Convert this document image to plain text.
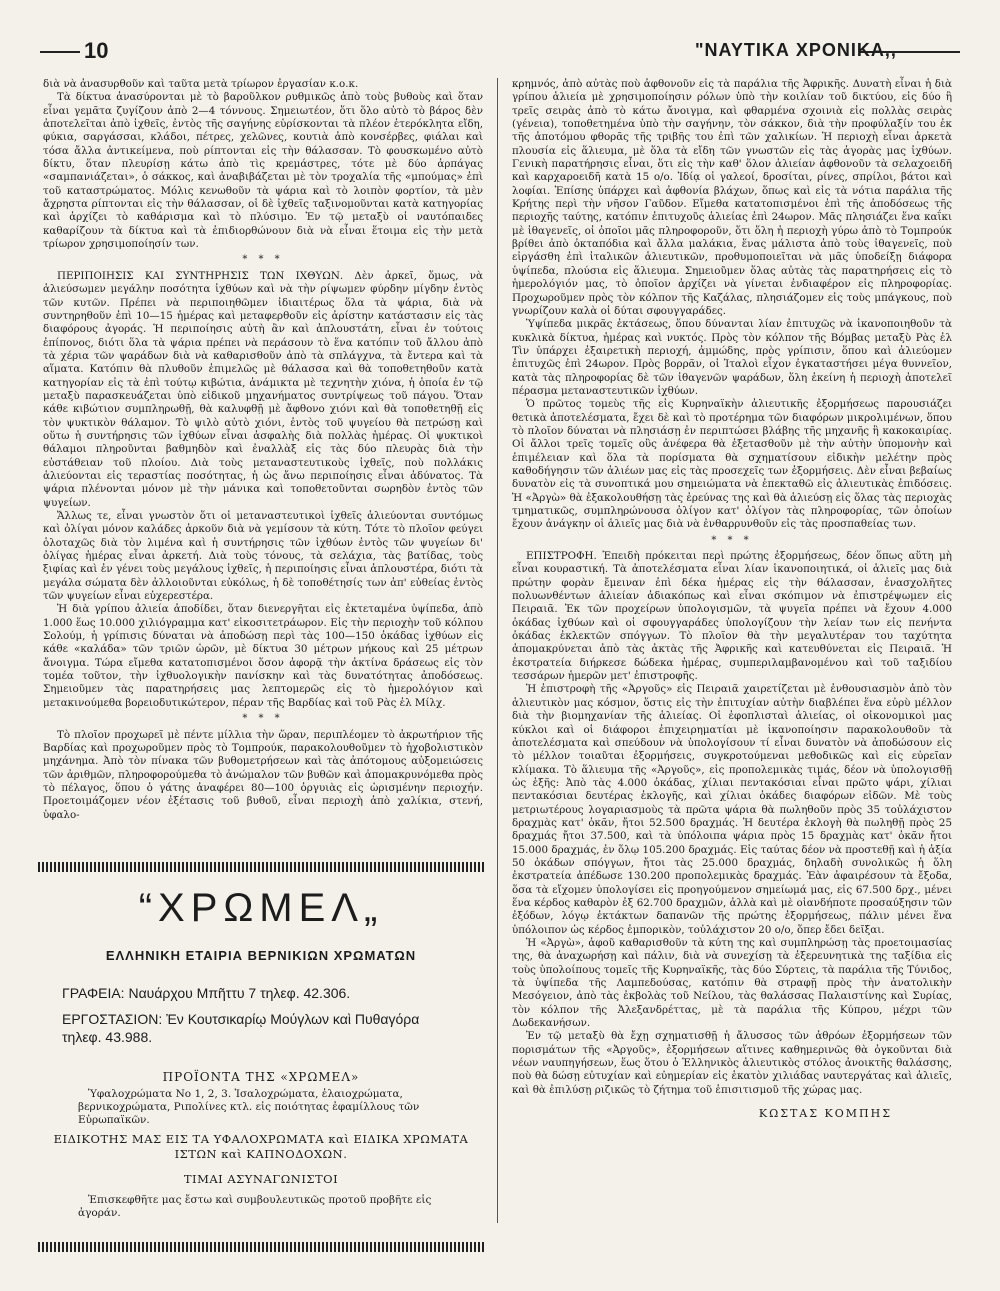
10	"ΝΑΥΤΙΚΑ ΧΡΟΝΙΚΑ,,

διὰ νὰ ἀνασυρθοῦν καὶ ταῦτα μετὰ τρίωρον ἐργασίαν κ.ο.κ.

Τὰ δίκτυα ἀνασύρονται μὲ τὸ βαροῦλκον ρυθμικῶς ἀπὸ τοὺς βυθοὺς καὶ ὅταν εἶναι γεμᾶτα ζυγίζουν ἀπὸ 2—4 τόννους. Σημειωτέον, ὅτι ὅλο αὐτὸ τὸ βάρος δὲν ἀποτελεῖται ἀπὸ ἰχθεῖς, ἐντὸς τῆς σαγήνης εὑρίσκονται τὰ πλέον ἑτερόκλητα εἴδη, φύκια, σαργάσσαι, κλάδοι, πέτρες, χελῶνες, κουτιὰ ἀπὸ κονσέρβες, φιάλαι καὶ τόσα ἄλλα ἀντικείμενα, ποὺ ρίπτονται εἰς τὴν θάλασσαν. Τὸ φουσκωμένο αὐτὸ δίκτυ, ὅταν πλευρίσῃ κάτω ἀπὸ τὶς κρεμάστρες, τότε μὲ δύο ἁρπάγας «σαμπανιάζεται», ὁ σάκκος, καὶ ἀναβιβάζεται μὲ τὸν τροχαλία τῆς «μπούμας» ἐπὶ τοῦ καταστρώματος. Μόλις κενωθοῦν τὰ ψάρια καὶ τὸ λοιπὸν φορτίον, τὰ μὲν ἄχρηστα ρίπτονται εἰς τὴν θάλασσαν, οἱ δὲ ἰχθεῖς ταξινομοῦνται κατὰ κατηγορίας καὶ ἀρχίζει τὸ καθάρισμα καὶ τὸ πλύσιμο. Ἐν τῷ μεταξὺ οἱ ναυτόπαιδες καθαρίζουν τὰ δίκτυα καὶ τὰ ἐπιδιορθώνουν διὰ νὰ εἶναι ἕτοιμα εἰς τὴν μετὰ τρίωρον χρησιμοποίησίν των.

* * *

ΠΕΡΙΠΟΙΗΣΙΣ ΚΑΙ ΣΥΝΤΗΡΗΣΙΣ ΤΩΝ ΙΧΘΥΩΝ. Δὲν ἀρκεῖ, ὅμως, νὰ ἁλιεύσωμεν μεγάλην ποσότητα ἰχθύων καὶ νὰ τὴν ρίψωμεν φύρδην μίγδην ἐντὸς τῶν κυτῶν. Πρέπει νὰ περιποιηθῶμεν ἰδιαιτέρως ὅλα τὰ ψάρια, διὰ νὰ συντηρηθοῦν ἐπὶ 10—15 ἡμέρας καὶ μεταφερθοῦν εἰς ἀρίστην κατάστασιν εἰς τὰς διαφόρους ἀγοράς. Ἡ περιποίησις αὐτὴ ἂν καὶ ἁπλουστάτη, εἶναι ἐν τούτοις ἐπίπονος, διότι ὅλα τὰ ψάρια πρέπει νὰ περάσουν τὸ ἕνα κατόπιν τοῦ ἄλλου ἀπὸ τὰ χέρια τῶν ψαράδων διὰ νὰ καθαρισθοῦν ἀπὸ τὰ σπλάγχνα, τὰ ἔντερα καὶ τὰ αἵματα. Κατόπιν θὰ πλυθοῦν ἐπιμελῶς μὲ θάλασσα καὶ θὰ τοποθετηθοῦν κατὰ κατηγορίαν εἰς τὰ ἐπὶ τούτῳ κιβώτια, ἀνάμικτα μὲ τεχνητὴν χιόνα, ἡ ὁποία ἐν τῷ μεταξὺ παρασκευάζεται ὑπὸ εἰδικοῦ μηχανήματος συντρίψεως τοῦ πάγου. Ὅταν κάθε κιβώτιον συμπληρωθῇ, θὰ καλυφθῇ μὲ ἄφθονο χιόνι καὶ θὰ τοποθετηθῇ εἰς τὸν ψυκτικὸν θάλαμον. Τὸ ψιλὸ αὐτὸ χιόνι, ἐντὸς τοῦ ψυγείου θὰ πετρώσῃ καὶ οὕτω ἡ συντήρησις τῶν ἰχθύων εἶναι ἀσφαλὴς διὰ πολλὰς ἡμέρας. Οἱ ψυκτικοὶ θάλαμοι πληροῦνται βαθμηδὸν καὶ ἐναλλὰξ εἰς τὰς δύο πλευρὰς διὰ τὴν εὐστάθειαν τοῦ πλοίου. Διὰ τοὺς μεταναστευτικοὺς ἰχθεῖς, ποὺ πολλάκις ἁλιεύονται εἰς τεραστίας ποσότητας, ἡ ὡς ἄνω περιποίησις εἶναι ἀδύνατος. Τὰ ψάρια πλένονται μόνον μὲ τὴν μάνικα καὶ τοποθετοῦνται σωρηδὸν ἐντὸς τῶν ψυγείων.

Ἄλλως τε, εἶναι γνωστὸν ὅτι οἱ μεταναστευτικοὶ ἰχθεῖς ἁλιεύονται συντόμως καὶ ὀλίγαι μόνον καλάδες ἀρκοῦν διὰ νὰ γεμίσουν τὰ κύτη. Τότε τὸ πλοῖον φεύγει ὁλοταχῶς διὰ τὸν λιμένα καὶ ἡ συντήρησις τῶν ἰχθύων ἐντὸς τῶν ψυγείων δι' ὀλίγας ἡμέρας εἶναι ἀρκετή. Διὰ τοὺς τόνους, τὰ σελάχια, τὰς βατίδας, τοὺς ξιφίας καὶ ἐν γένει τοὺς μεγάλους ἰχθεῖς, ἡ περιποίησις εἶναι ἁπλουστέρα, διότι τὰ μεγάλα σώματα δὲν ἀλλοιοῦνται εὐκόλως, ἡ δὲ τοποθέτησίς των ἀπ' εὐθείας ἐντὸς τῶν ψυγείων εἶναι εὐχερεστέρα.

Ἡ διὰ γρίπου ἁλιεία ἀποδίδει, ὅταν διενεργῆται εἰς ἐκτεταμένα ὑψίπεδα, ἀπὸ 1.000 ἕως 10.000 χιλιόγραμμα κατ' εἰκοσιτετράωρον. Εἰς τὴν περιοχὴν τοῦ κόλπου Σολούμ, ἡ γρίπισις δύναται νὰ ἀποδώσῃ περὶ τὰς 100—150 ὀκάδας ἰχθύων εἰς κάθε «καλάδα» τῶν τριῶν ὡρῶν, μὲ δίκτυα 30 μέτρων μήκους καὶ 25 μέτρων ἄνοιγμα. Τώρα εἴμεθα κατατοπισμένοι ὅσον ἀφορᾷ τὴν ἀκτίνα δράσεως εἰς τὸν τομέα τοῦτον, τὴν ἰχθυολογικὴν πανίσκην καὶ τὰς δυνατότητας ἀποδόσεως. Σημειοῦμεν τὰς παρατηρήσεις μας λεπτομερῶς εἰς τὸ ἡμερολόγιον καὶ μετακινούμεθα βορειοδυτικώτερον, πέραν τῆς Βαρδίας καὶ τοῦ Ρὰς ἐλ Μίλχ.

* * *

Τὸ πλοῖον προχωρεῖ μὲ πέντε μίλλια τὴν ὥραν, περιπλέομεν τὸ ἀκρωτήριον τῆς Βαρδίας καὶ προχωροῦμεν πρὸς τὸ Τομπρούκ, παρακολουθοῦμεν τὸ ἠχοβολιστικὸν μηχάνημα. Ἀπὸ τὸν πίνακα τῶν βυθομετρήσεων καὶ τὰς ἀπότομους αὐξομειώσεις τῶν ἀριθμῶν, πληροφορούμεθα τὸ ἀνώμαλον τῶν βυθῶν καὶ ἀπομακρυνόμεθα πρὸς τὸ πέλαγος, ὅπου ὁ γάτης ἀναφέρει 80—100 ὀργυιὰς εἰς ὡρισμένην περιοχήν. Προετοιμάζομεν νέον ἐξέτασις τοῦ βυθοῦ, εἶναι περιοχὴ ἀπὸ χαλίκια, στενή, ὑφαλο-

“ΧΡΩΜΕΛ„
ΕΛΛΗΝΙΚΗ ΕΤΑΙΡΙΑ ΒΕΡΝΙΚΙΩΝ ΧΡΩΜΑΤΩΝ
ΓΡΑΦΕΙΑ: Ναυάρχου Μπῆττυ 7 τηλεφ. 42.306.
ΕΡΓΟΣΤΑΣΙΟΝ: Ἐν Κουτσικαρίῳ Μούγλων καὶ Πυθαγόρα τηλεφ. 43.988.
ΠΡΟΪΟΝΤΑ ΤΗΣ «ΧΡΩΜΕΛ»
Ὑφαλοχρώματα Νο 1, 2, 3. Ἰσαλοχρώματα, ἐλαιοχρώματα, βερνικοχρώματα, Ριπολίνες κτλ. εἰς ποιότητας ἐφαμίλλους τῶν Εὐρωπαϊκῶν.
ΕΙΔΙΚΟΤΗΣ ΜΑΣ ΕΙΣ ΤΑ ΥΦΑΛΟΧΡΩΜΑΤΑ καὶ ΕΙΔΙΚΑ ΧΡΩΜΑΤΑ ΙΣΤΩΝ καὶ ΚΑΠΝΟΔΟΧΩΝ.
ΤΙΜΑΙ ΑΣΥΝΑΓΩΝΙΣΤΟΙ
Ἐπισκεφθῆτε μας ἔστω καὶ συμβουλευτικῶς προτοῦ προβῆτε εἰς ἀγοράν.

κρημνός, ἀπὸ αὐτὰς ποὺ ἀφθονοῦν εἰς τὰ παράλια τῆς Ἀφρικῆς. Δυνατὴ εἶναι ἡ διὰ γρίπου ἁλιεία μὲ χρησιμοποίησιν ρόλων ὑπὸ τὴν κοιλίαν τοῦ δικτύου, εἰς δύο ἢ τρεῖς σειρὰς ἀπὸ τὸ κάτω ἄνοιγμα, καὶ φθαρμένα σχοινιὰ εἰς πολλὰς σειρὰς (γένεια), τοποθετημένα ὑπὸ τὴν σαγήνην, τὸν σάκκον, διὰ τὴν προφύλαξίν του ἐκ τῆς ἀποτόμου φθορᾶς τῆς τριβῆς του ἐπὶ τῶν χαλικίων. Ἡ περιοχὴ εἶναι ἀρκετὰ πλουσία εἰς ἅλιευμα, μὲ ὅλα τὰ εἴδη τῶν γνωστῶν εἰς τὰς ἀγορὰς μας ἰχθύων. Γενικὴ παρατήρησις εἶναι, ὅτι εἰς τὴν καθ' ὅλον ἁλιείαν ἀφθονοῦν τὰ σελαχοειδῆ καὶ καρχαροειδῆ κατὰ 15 ο/ο. Ἰδίᾳ οἱ γαλεοί, δροσίται, ρίνες, σπρίλοι, βάτοι καὶ λοφίαι. Ἐπίσης ὑπάρχει καὶ ἀφθονία βλάχων, ὅπως καὶ εἰς τὰ νότια παράλια τῆς Κρήτης περὶ τὴν νῆσον Γαῦδον. Εἴμεθα κατατοπισμένοι ἐπὶ τῆς ἀποδόσεως τῆς περιοχῆς ταύτης, κατόπιν ἐπιτυχοῦς ἁλιείας ἐπὶ 24ωρον. Μᾶς πλησιάζει ἕνα καΐκι μὲ ἰθαγενεῖς, οἱ ὁποῖοι μᾶς πληροφοροῦν, ὅτι ὅλη ἡ περιοχὴ γύρω ἀπὸ τὸ Τομπρούκ βρίθει ἀπὸ ὀκταπόδια καὶ ἄλλα μαλάκια, ἕνας μάλιστα ἀπὸ τοὺς ἰθαγενεῖς, ποὺ εἰργάσθη ἐπὶ ἰταλικῶν ἁλιευτικῶν, προθυμοποιεῖται νὰ μᾶς ὑποδείξῃ διάφορα ὑψίπεδα, πλούσια εἰς ἅλιευμα. Σημειοῦμεν ὅλας αὐτὰς τὰς παρατηρήσεις εἰς τὸ ἡμερολόγιόν μας, τὸ ὁποῖον ἀρχίζει νὰ γίνεται ἐνδιαφέρον εἰς πληροφορίας. Προχωροῦμεν πρὸς τὸν κόλπον τῆς Καζάλας, πλησιάζομεν εἰς τοὺς μπάγκους, ποὺ γνωρίζουν καλὰ οἱ δύται σφουγγαράδες.

Ὑψίπεδα μικρᾶς ἐκτάσεως, ὅπου δύνανται λίαν ἐπιτυχῶς νὰ ἱκανοποιηθοῦν τὰ κυκλικὰ δίκτυα, ἡμέρας καὶ νυκτός. Πρὸς τὸν κόλπον τῆς Βόμβας μεταξὺ Ρὰς ἐλ Τὶν ὑπάρχει ἐξαιρετικὴ περιοχή, ἀμμώδης, πρὸς γρίπισιν, ὅπου καὶ ἁλιεύομεν ἐπιτυχῶς ἐπὶ 24ωρον. Πρὸς βορρᾶν, οἱ Ἰταλοὶ εἶχον ἐγκαταστήσει μέγα θυννεῖον, κατὰ τὰς πληροφορίας δὲ τῶν ἰθαγενῶν ψαράδων, ὅλη ἐκείνη ἡ περιοχὴ ἀποτελεῖ πέρασμα μεταναστευτικῶν ἰχθύων.

Ὁ πρῶτος τομεὺς τῆς εἰς Κυρηναϊκὴν ἁλιευτικῆς ἐξορμήσεως παρουσιάζει θετικὰ ἀποτελέσματα, ἔχει δὲ καὶ τὸ προτέρημα τῶν διαφόρων μικρολιμένων, ὅπου τὸ πλοῖον δύναται νὰ πλησιάσῃ ἐν περιπτώσει βλάβης τῆς μηχανῆς ἢ κακοκαιρίας. Οἱ ἄλλοι τρεῖς τομεῖς οὓς ἀνέφερα θὰ ἐξετασθοῦν μὲ τὴν αὐτὴν ὑπομονὴν καὶ ἐπιμέλειαν καὶ ὅλα τὰ πορίσματα θὰ σχηματίσουν εἰδικὴν μελέτην πρὸς καθοδήγησιν τῶν ἁλιέων μας εἰς τὰς προσεχεῖς των ἐξορμήσεις. Δὲν εἶναι βεβαίως δυνατὸν εἰς τὰ συνοπτικά μου σημειώματα νὰ ἐπεκταθῶ εἰς ἁλιευτικὰς ἐπιδόσεις. Ἡ «Ἀργὼ» θὰ ἐξακολουθήσῃ τὰς ἐρεύνας της καὶ θὰ ἁλιεύσῃ εἰς ὅλας τὰς περιοχὰς τμηματικῶς, συμπληρώνουσα ὀλίγον κατ' ὀλίγον τὰς πληροφορίας, τῶν ὁποίων ἔχουν ἀνάγκην οἱ ἁλιεῖς μας διὰ νὰ ἐνθαρρυνθοῦν εἰς τὰς προσπαθείας των.

* * *

ΕΠΙΣΤΡΟΦΗ. Ἐπειδὴ πρόκειται περὶ πρώτης ἐξορμήσεως, δέον ὅπως αὕτη μὴ εἶναι κουραστική. Τὰ ἀποτελέσματα εἶναι λίαν ἱκανοποιητικά, οἱ ἁλιεῖς μας διὰ πρώτην φορὰν ἔμειναν ἐπὶ δέκα ἡμέρας εἰς τὴν θάλασσαν, ἐνασχολῆτες πολυωνθέντων ἁλιείαν ἀδιακόπως καὶ εἶναι σκόπιμον νὰ ἐπιστρέψωμεν εἰς Πειραιᾶ. Ἐκ τῶν προχείρων ὑπολογισμῶν, τὰ ψυγεῖα πρέπει νὰ ἔχουν 4.000 ὀκάδας ἰχθύων καὶ οἱ σφουγγαράδες ὑπολογίζουν τὴν λείαν των εἰς πενήντα ὀκάδας ἐκλεκτῶν σπόγγων. Τὸ πλοῖον θὰ τὴν μεγαλυτέραν του ταχύτητα ἀπομακρύνεται ἀπὸ τὰς ἀκτὰς τῆς Ἀφρικῆς καὶ κατευθύνεται εἰς Πειραιᾶ. Ἡ ἐκστρατεία διήρκεσε δώδεκα ἡμέρας, συμπεριλαμβανομένου καὶ τοῦ ταξιδίου τεσσάρων ἡμερῶν μετ' ἐπιστροφῆς.

Ἡ ἐπιστροφὴ τῆς «Ἀργοῦς» εἰς Πειραιᾶ χαιρετίζεται μὲ ἐνθουσιασμὸν ἀπὸ τὸν ἁλιευτικὸν μας κόσμον, ὅστις εἰς τὴν ἐπιτυχίαν αὐτὴν διαβλέπει ἕνα εὐρὺ μέλλον διὰ τὴν βιομηχανίαν τῆς ἁλιείας. Οἱ ἐφοπλισταὶ ἁλιείας, οἱ οἰκονομικοὶ μας κύκλοι καὶ οἱ διάφοροι ἐπιχειρηματίαι μὲ ἱκανοποίησιν παρακολουθοῦν τὰ ἀποτελέσματα καὶ σπεύδουν νὰ ὑπολογίσουν τί εἶναι δυνατὸν νὰ ἀποδώσουν εἰς τὸ μέλλον τοιαῦται ἐξορμήσεις, συγκροτούμεναι μεθοδικῶς καὶ εἰς εὐρεῖαν κλίμακα. Τὸ ἅλιευμα τῆς «Ἀργοῦς», εἰς προπολεμικὰς τιμάς, δέον νὰ ὑπολογισθῇ ὡς ἑξῆς: Ἀπὸ τὰς 4.000 ὀκάδας, χίλιαι πεντακόσιαι εἶναι πρῶτο ψάρι, χίλιαι πεντακόσιαι δευτέρας ἐκλογῆς, καὶ χίλιαι ὀκάδες διαφόρων εἰδῶν. Μὲ τοὺς μετριωτέρους λογαριασμοὺς τὰ πρῶτα ψάρια θὰ πωληθοῦν πρὸς 35 τοὐλάχιστον δραχμὰς κατ' ὀκᾶν, ἤτοι 52.500 δραχμάς. Ἡ δευτέρα ἐκλογὴ θὰ πωληθῇ πρὸς 25 δραχμάς ἤτοι 37.500, καὶ τὰ ὑπόλοιπα ψάρια πρὸς 15 δραχμὰς κατ' ὀκᾶν ἤτοι 15.000 δραχμάς, ἐν ὅλῳ 105.200 δραχμάς. Εἰς ταύτας δέον νὰ προστεθῇ καὶ ἡ ἀξία 50 ὀκάδων σπόγγων, ἤτοι τὰς 25.000 δραχμάς, δηλαδὴ συνολικῶς ἡ ὅλη ἐκστρατεία ἀπέδωσε 130.200 προπολεμικὰς δραχμάς. Ἐὰν ἀφαιρέσουν τὰ ἔξοδα, ὅσα τὰ εἴχομεν ὑπολογίσει εἰς προηγούμενον σημείωμά μας, εἰς 67.500 δρχ., μένει ἕνα κέρδος καθαρὸν ἐξ 62.700 δραχμῶν, ἀλλὰ καὶ μὲ οἰανδήποτε προσαύξησιν τῶν ἐξόδων, λόγῳ ἐκτάκτων δαπανῶν τῆς πρώτης ἐξορμήσεως, πάλιν μένει ἕνα ὑπόλοιπον ὡς κέρδος ἐμπορικὸν, τοὐλάχιστον 20 ο/ο, ὅπερ ἔδει δεῖξαι.

Ἡ «Ἀργὼ», ἀφοῦ καθαρισθοῦν τὰ κύτη της καὶ συμπληρώσῃ τὰς προετοιμασίας της, θὰ ἀναχωρήσῃ καὶ πάλιν, διὰ νὰ συνεχίσῃ τὰ ἐξερευνητικὰ της ταξίδια εἰς τοὺς ὑπολοίπους τομεῖς τῆς Κυρηναϊκῆς, τὰς δύο Σύρτεις, τὰ παράλια τῆς Τύνιδος, τὰ ὑψίπεδα τῆς Λαμπεδούσας, κατόπιν θὰ στραφῇ πρὸς τὴν ἀνατολικὴν Μεσόγειον, ἀπὸ τὰς ἐκβολὰς τοῦ Νείλου, τὰς θαλάσσας Παλαιστίνης καὶ Συρίας, τὸν κόλπον τῆς Ἀλεξανδρέττας, μὲ τὰ παράλια τῆς Κύπρου, μέχρι τῶν Δωδεκανήσων.

Ἐν τῷ μεταξὺ θὰ ἔχῃ σχηματισθῇ ἡ ἄλυσσος τῶν ἀθρόων ἐξορμήσεων τῶν πορισμάτων τῆς «Ἀργοῦς», ἐξορμήσεων αἵτινες καθημερινῶς θὰ ὀγκοῦνται διὰ νέων ναυπηγήσεων, ἕως ὅτου ὁ Ἑλληνικὸς ἁλιευτικὸς στόλος ἀνοικτῆς θαλάσσης, ποὺ θὰ δώσῃ εὐτυχίαν καὶ εὐημερίαν εἰς ἑκατὸν χιλιάδας ναυτεργάτας καὶ ἁλιεῖς, καὶ θὰ ἐπιλύσῃ ριζικῶς τὸ ζήτημα τοῦ ἐπισιτισμοῦ τῆς χώρας μας.

ΚΩΣΤΑΣ ΚΟΜΠΗΣ
